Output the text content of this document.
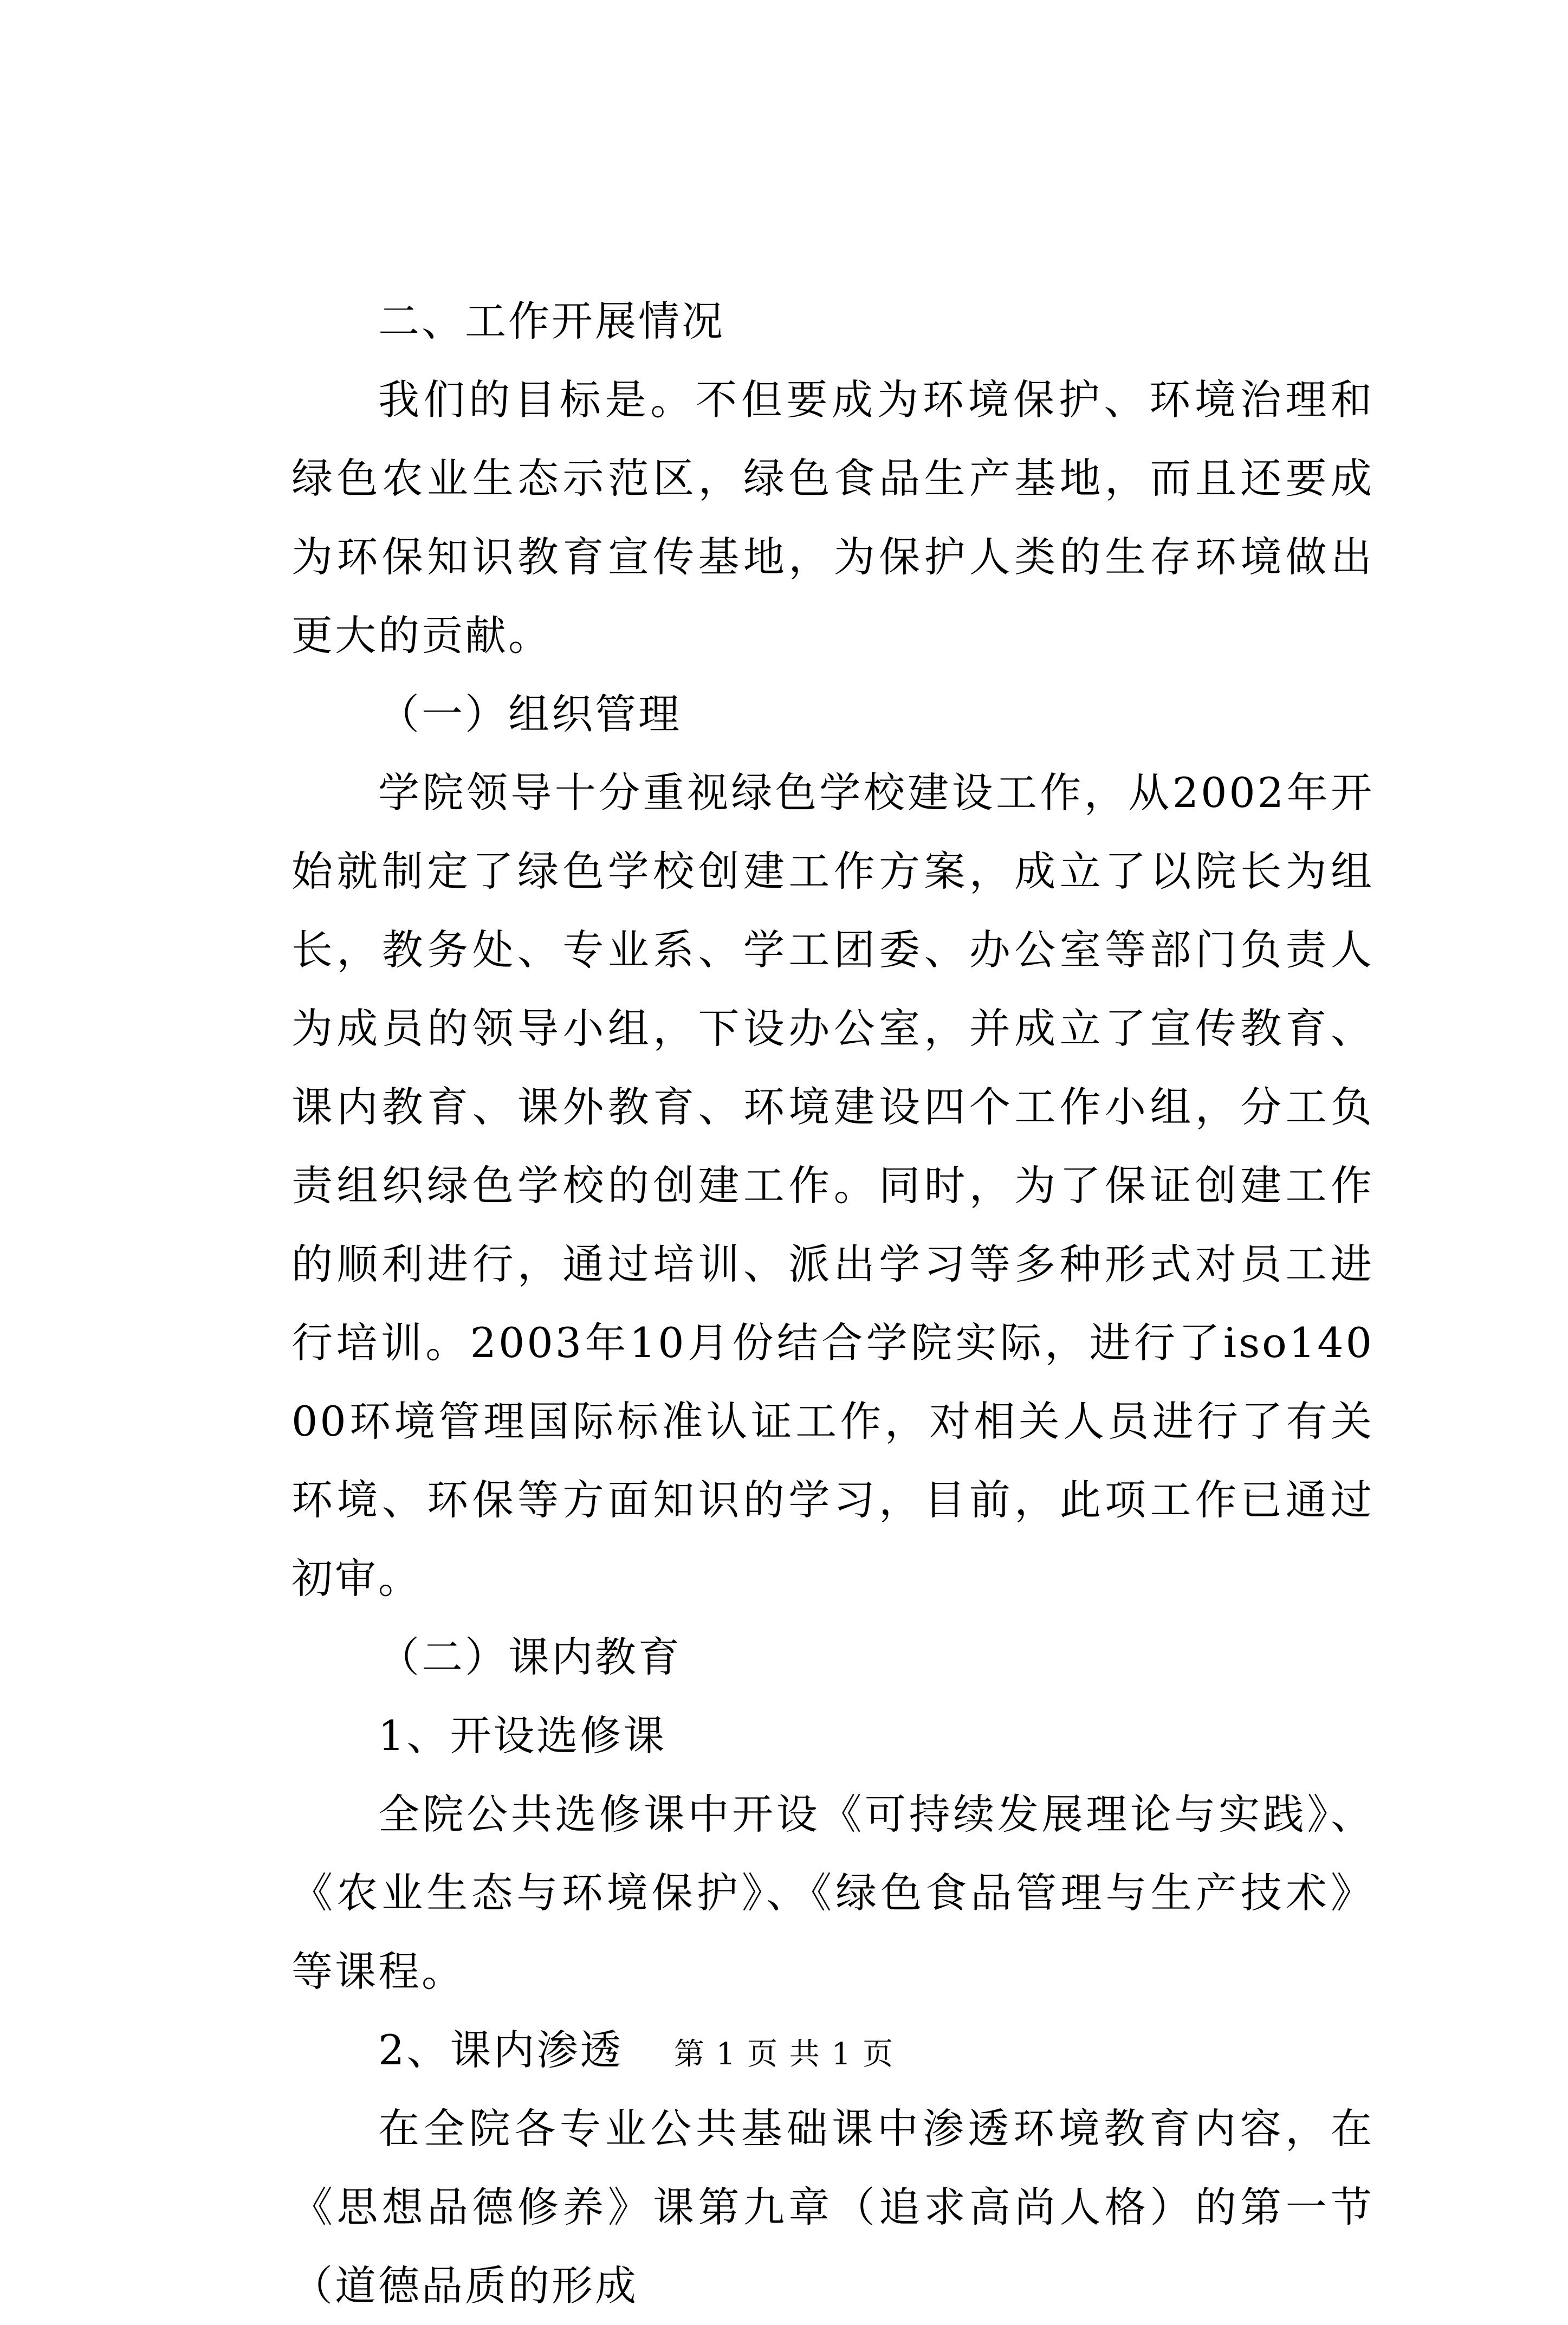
二、工作开展情况

我们的目标是。不但要成为环境保护、环境治理和绿色农业生态示范区，绿色食品生产基地，而且还要成为环保知识教育宣传基地，为保护人类的生存环境做出更大的贡献。

（一）组织管理

学院领导十分重视绿色学校建设工作，从2002年开始就制定了绿色学校创建工作方案，成立了以院长为组长，教务处、专业系、学工团委、办公室等部门负责人为成员的领导小组，下设办公室，并成立了宣传教育、课内教育、课外教育、环境建设四个工作小组，分工负责组织绿色学校的创建工作。同时，为了保证创建工作的顺利进行，通过培训、派出学习等多种形式对员工进行培训。2003年10月份结合学院实际，进行了iso14000环境管理国际标准认证工作，对相关人员进行了有关环境、环保等方面知识的学习，目前，此项工作已通过初审。

（二）课内教育

1、开设选修课

全院公共选修课中开设《可持续发展理论与实践》、《农业生态与环境保护》、《绿色食品管理与生产技术》等课程。

2、课内渗透

在全院各专业公共基础课中渗透环境教育内容，在《思想品德修养》课第九章（追求高尚人格）的第一节（道德品质的形成

第 1 页 共 1 页
